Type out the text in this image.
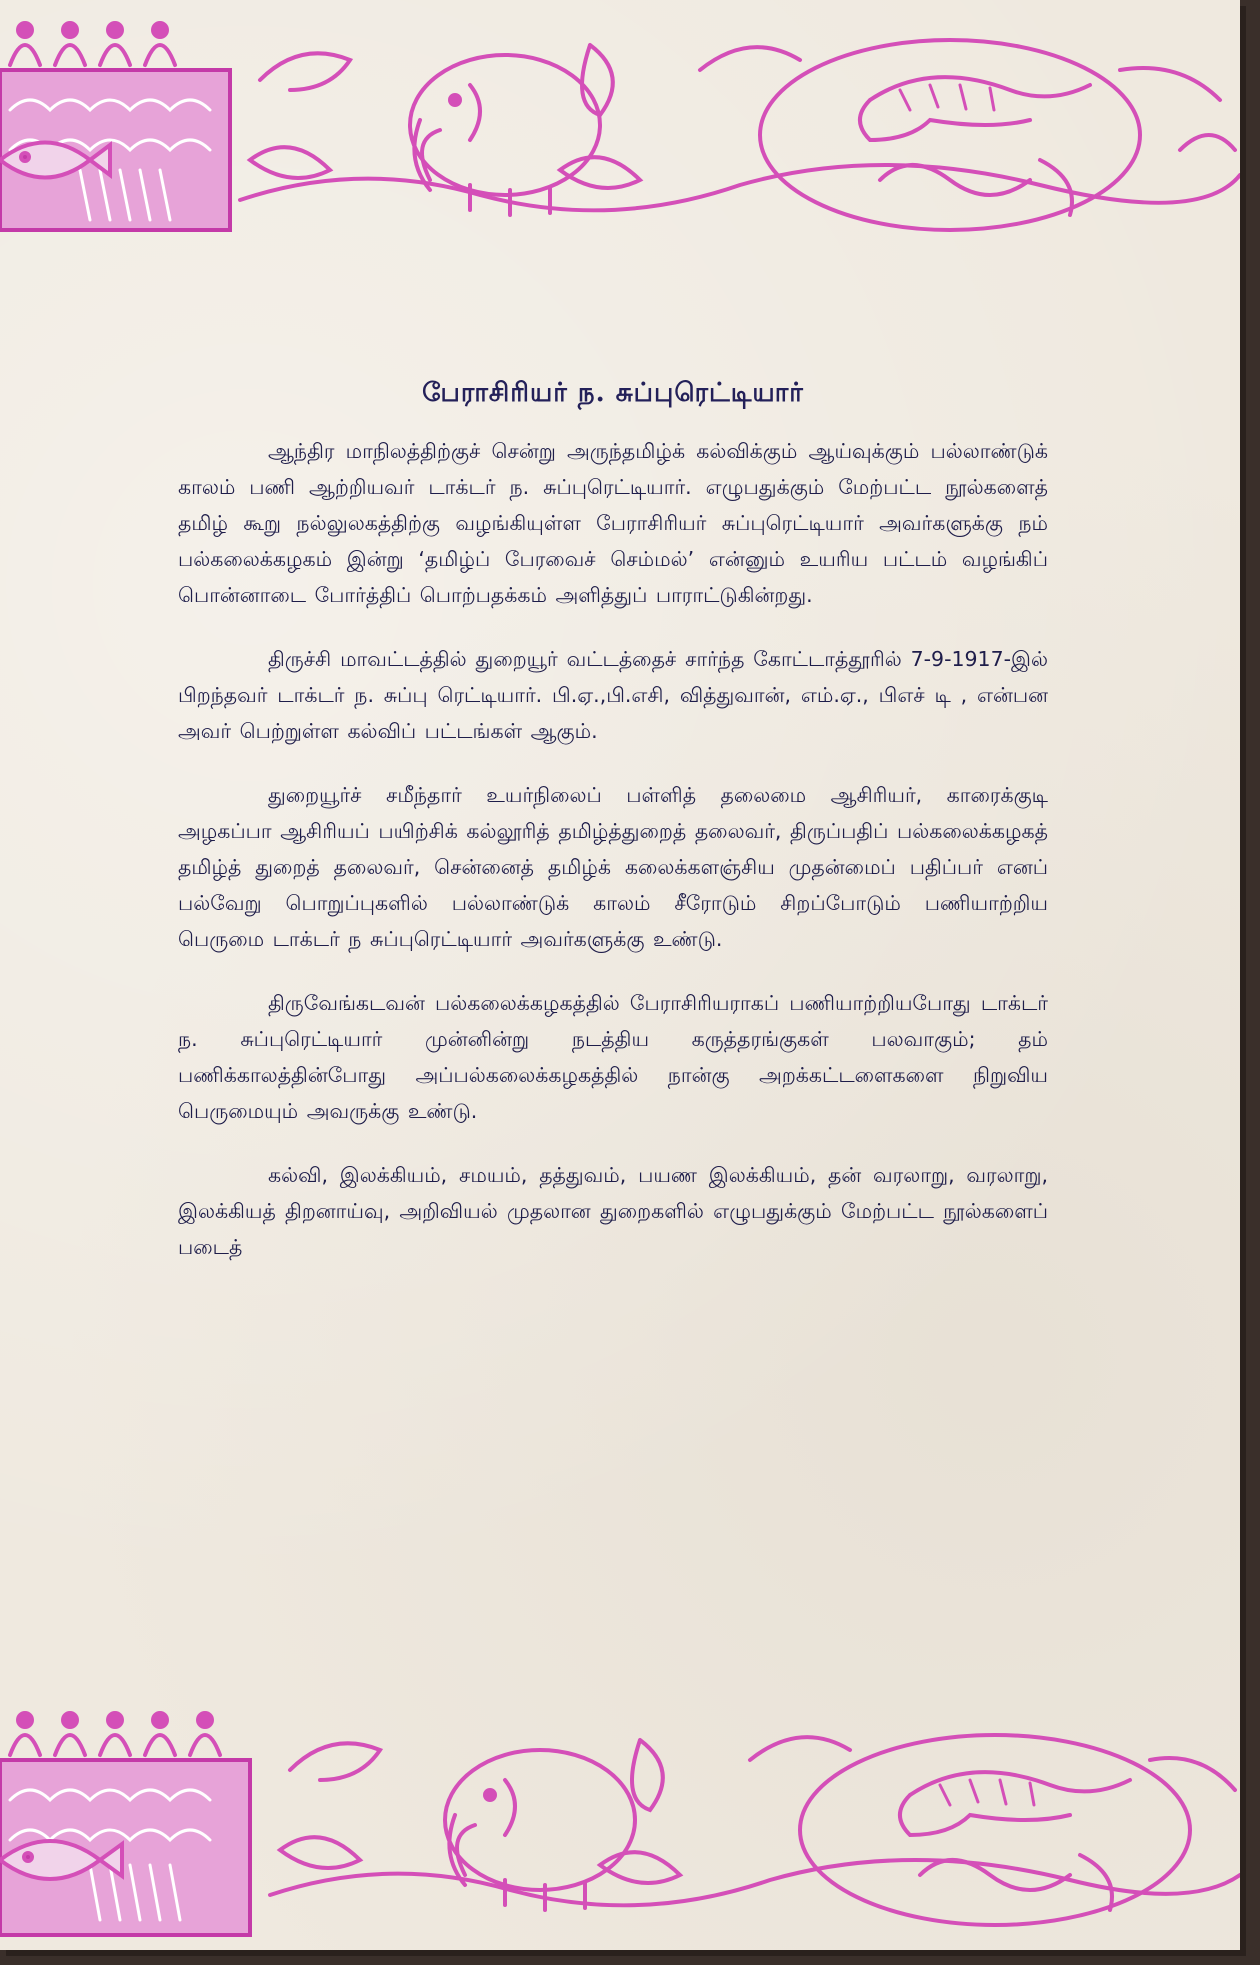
பேராசிரியர் ந. சுப்புரெட்டியார்

ஆந்திர மாநிலத்திற்குச் சென்று அருந்தமிழ்க் கல்விக்கும் ஆய்வுக்கும் பல்லாண்டுக் காலம் பணி ஆற்றியவர் டாக்டர் ந. சுப்புரெட்டியார். எழுபதுக்கும் மேற்பட்ட நூல்களைத் தமிழ் கூறு நல்லுலகத்திற்கு வழங்கியுள்ள பேராசிரியர் சுப்புரெட்டியார் அவர்களுக்கு நம் பல்கலைக்கழகம் இன்று ‘தமிழ்ப் பேரவைச் செம்மல்’ என்னும் உயரிய பட்டம் வழங்கிப் பொன்னாடை போர்த்திப் பொற்பதக்கம் அளித்துப் பாராட்டுகின்றது.

திருச்சி மாவட்டத்தில் துறையூர் வட்டத்தைச் சார்ந்த கோட்டாத்தூரில் 7-9-1917-இல் பிறந்தவர் டாக்டர் ந. சுப்பு ரெட்டியார். பி.ஏ.,பி.எசி, வித்துவான், எம்.ஏ., பிஎச் டி , என்பன அவர் பெற்றுள்ள கல்விப் பட்டங்கள் ஆகும்.

துறையூர்ச் சமீந்தார் உயர்நிலைப் பள்ளித் தலைமை ஆசிரியர், காரைக்குடி அழகப்பா ஆசிரியப் பயிற்சிக் கல்லூரித் தமிழ்த்துறைத் தலைவர், திருப்பதிப் பல்கலைக்கழகத் தமிழ்த் துறைத் தலைவர், சென்னைத் தமிழ்க் கலைக்களஞ்சிய முதன்மைப் பதிப்பர் எனப் பல்வேறு பொறுப்புகளில் பல்லாண்டுக் காலம் சீரோடும் சிறப்போடும் பணியாற்றிய பெருமை டாக்டர் ந சுப்புரெட்டியார் அவர்களுக்கு உண்டு.

திருவேங்கடவன் பல்கலைக்கழகத்தில் பேராசிரியராகப் பணியாற்றியபோது டாக்டர் ந. சுப்புரெட்டியார் முன்னின்று நடத்திய கருத்தரங்குகள் பலவாகும்; தம் பணிக்காலத்தின்போது அப்பல்கலைக்கழகத்தில் நான்கு அறக்கட்டளைகளை நிறுவிய பெருமையும் அவருக்கு உண்டு.

கல்வி, இலக்கியம், சமயம், தத்துவம், பயண இலக்கியம், தன் வரலாறு, வரலாறு, இலக்கியத் திறனாய்வு, அறிவியல் முதலான துறைகளில் எழுபதுக்கும் மேற்பட்ட நூல்களைப் படைத்
